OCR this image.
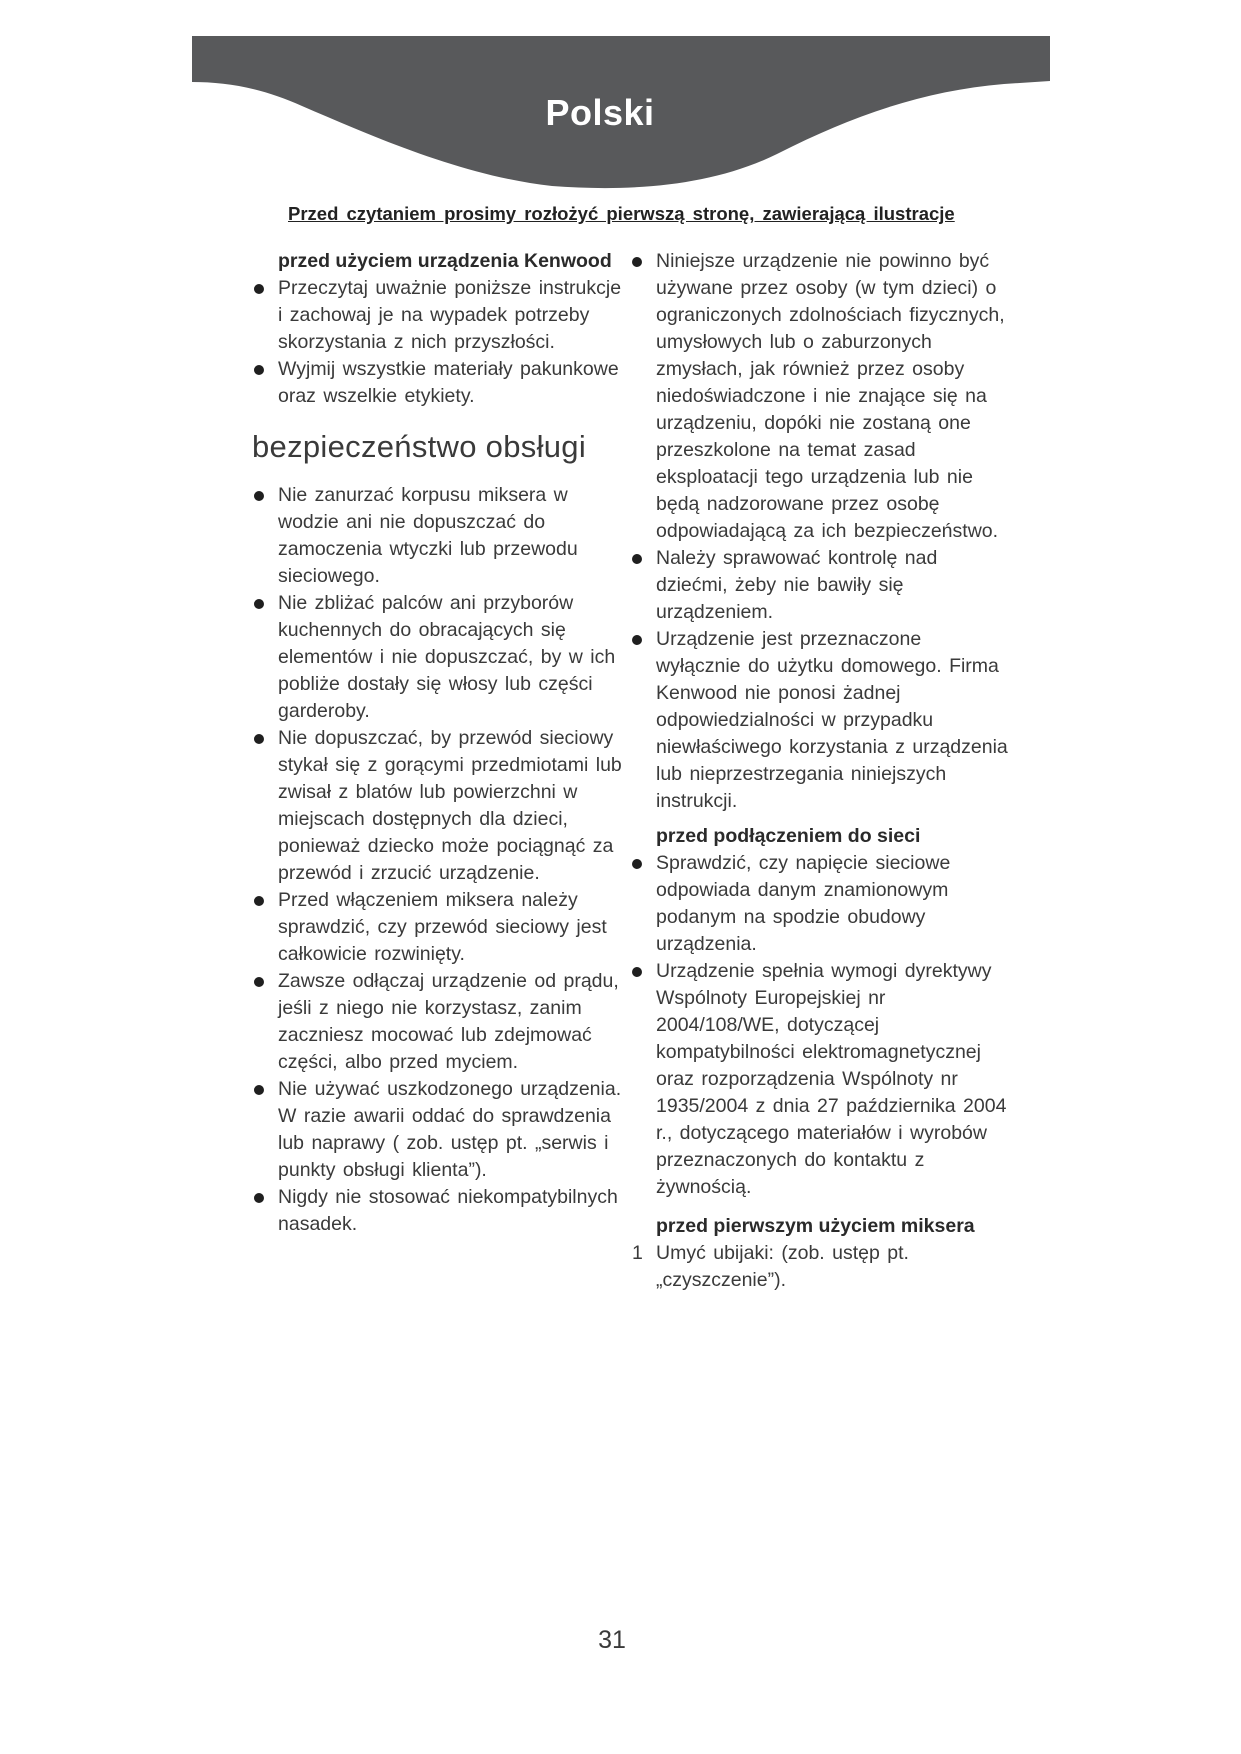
Polski
Przed czytaniem prosimy rozłożyć pierwszą stronę, zawierającą ilustracje
przed użyciem urządzenia Kenwood
Przeczytaj uważnie poniższe instrukcje i zachowaj je na wypadek potrzeby skorzystania z nich przyszłości.
Wyjmij wszystkie materiały pakunkowe oraz wszelkie etykiety.
bezpieczeństwo obsługi
Nie zanurzać korpusu miksera w wodzie ani nie dopuszczać do zamoczenia wtyczki lub przewodu sieciowego.
Nie zbliżać palców ani przyborów kuchennych do obracających się elementów i nie dopuszczać, by w ich pobliże dostały się włosy lub części garderoby.
Nie dopuszczać, by przewód sieciowy stykał się z gorącymi przedmiotami lub zwisał z blatów lub powierzchni w miejscach dostępnych dla dzieci, ponieważ dziecko może pociągnąć za przewód i zrzucić urządzenie.
Przed włączeniem miksera należy sprawdzić, czy przewód sieciowy jest całkowicie rozwinięty.
Zawsze odłączaj urządzenie od prądu, jeśli z niego nie korzystasz, zanim zaczniesz mocować lub zdejmować części, albo przed myciem.
Nie używać uszkodzonego urządzenia. W razie awarii oddać do sprawdzenia lub naprawy ( zob. ustęp pt. „serwis i punkty obsługi klienta”).
Nigdy nie stosować niekompatybilnych nasadek.
Niniejsze urządzenie nie powinno być używane przez osoby (w tym dzieci) o ograniczonych zdolnościach fizycznych, umysłowych lub o zaburzonych zmysłach, jak również przez osoby niedoświadczone i nie znające się na urządzeniu, dopóki nie zostaną one przeszkolone na temat zasad eksploatacji tego urządzenia lub nie będą nadzorowane przez osobę odpowiadającą za ich bezpieczeństwo.
Należy sprawować kontrolę nad dziećmi, żeby nie bawiły się urządzeniem.
Urządzenie jest przeznaczone wyłącznie do użytku domowego. Firma Kenwood nie ponosi żadnej odpowiedzialności w przypadku niewłaściwego korzystania z urządzenia lub nieprzestrzegania niniejszych instrukcji.
przed podłączeniem do sieci
Sprawdzić, czy napięcie sieciowe odpowiada danym znamionowym podanym na spodzie obudowy urządzenia.
Urządzenie spełnia wymogi dyrektywy Wspólnoty Europejskiej nr 2004/108/WE, dotyczącej kompatybilności elektromagnetycznej oraz rozporządzenia Wspólnoty nr 1935/2004 z dnia 27 października 2004 r., dotyczącego materiałów i wyrobów przeznaczonych do kontaktu z żywnością.
przed pierwszym użyciem miksera
1 Umyć ubijaki: (zob. ustęp pt. „czyszczenie”).
31
